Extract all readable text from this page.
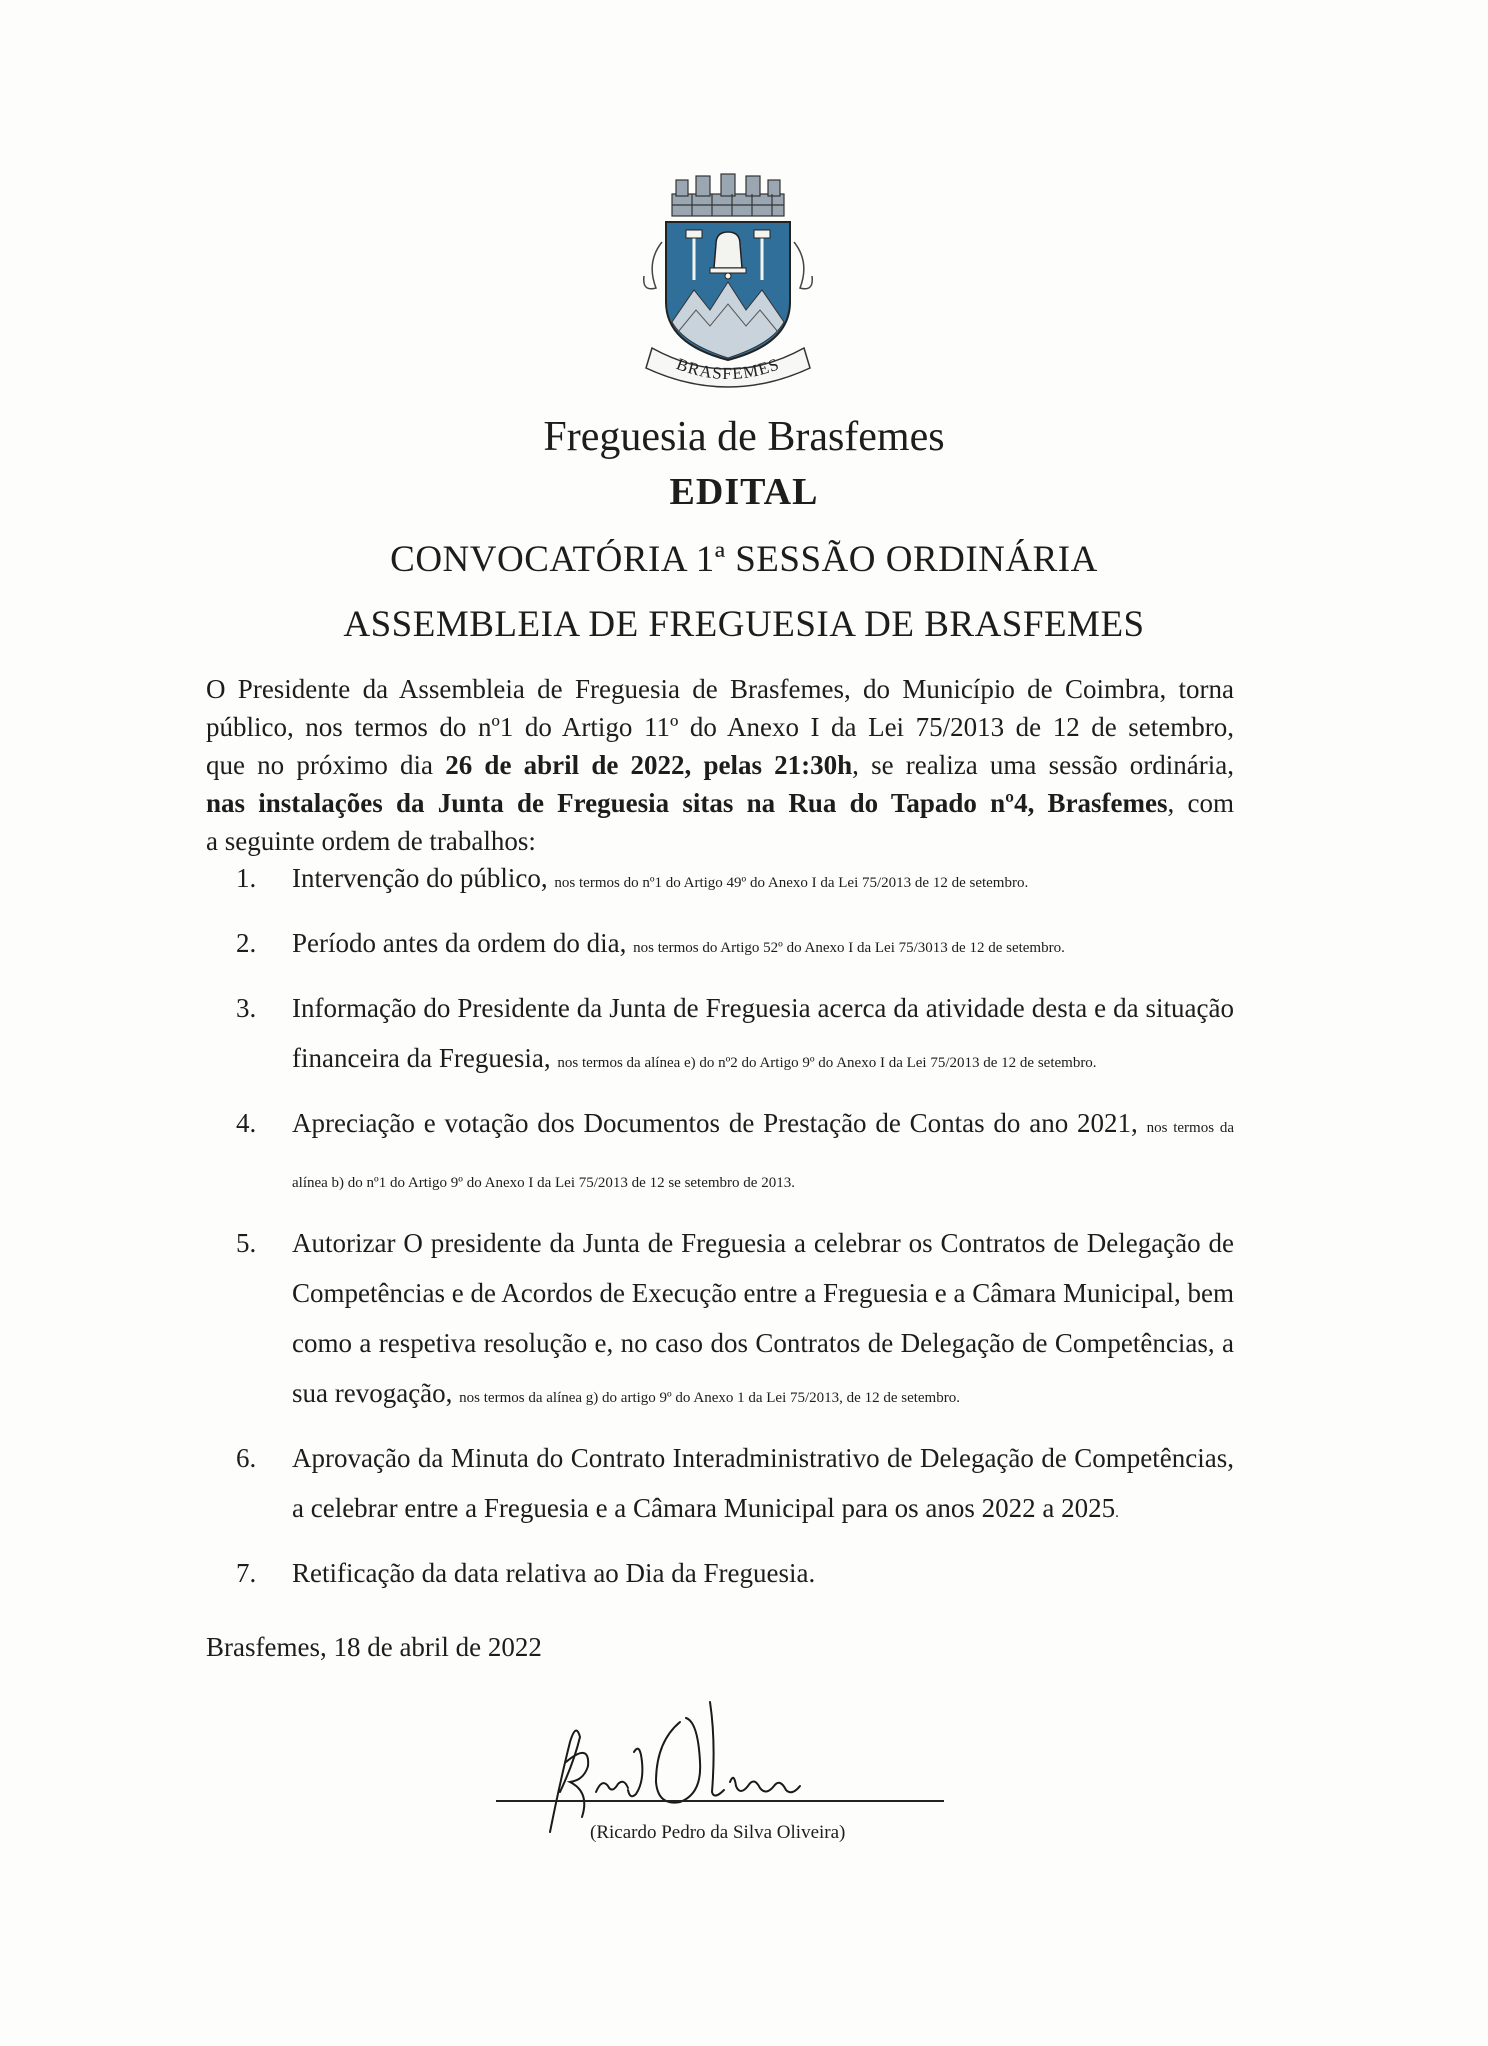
BRASFEMES
Freguesia de Brasfemes
EDITAL
CONVOCATÓRIA 1ª SESSÃO ORDINÁRIA
ASSEMBLEIA DE FREGUESIA DE BRASFEMES
O Presidente da Assembleia de Freguesia de Brasfemes, do Município de Coimbra, torna
público, nos termos do nº1 do Artigo 11º do Anexo I da Lei 75/2013 de 12 de setembro,
que no próximo dia 26 de abril de 2022, pelas 21:30h, se realiza uma sessão ordinária,
nas instalações da Junta de Freguesia sitas na Rua do Tapado nº4, Brasfemes, com
a seguinte ordem de trabalhos:
1. Intervenção do público, nos termos do nº1 do Artigo 49º do Anexo I da Lei 75/2013 de 12 de setembro.
2. Período antes da ordem do dia, nos termos do Artigo 52º do Anexo I da Lei 75/3013 de 12 de setembro.
3. Informação do Presidente da Junta de Freguesia acerca da atividade desta e da situação financeira da Freguesia, nos termos da alínea e) do nº2 do Artigo 9º do Anexo I da Lei 75/2013 de 12 de setembro.
4. Apreciação e votação dos Documentos de Prestação de Contas do ano 2021, nos termos da alínea b) do nº1 do Artigo 9º do Anexo I da Lei 75/2013 de 12 se setembro de 2013.
5. Autorizar O presidente da Junta de Freguesia a celebrar os Contratos de Delegação de Competências e de Acordos de Execução entre a Freguesia e a Câmara Municipal, bem como a respetiva resolução e, no caso dos Contratos de Delegação de Competências, a sua revogação, nos termos da alínea g) do artigo 9º do Anexo 1 da Lei 75/2013, de 12 de setembro.
6. Aprovação da Minuta do Contrato Interadministrativo de Delegação de Competências, a celebrar entre a Freguesia e a Câmara Municipal para os anos 2022 a 2025.
7. Retificação da data relativa ao Dia da Freguesia.
Brasfemes, 18 de abril de 2022
(Ricardo Pedro da Silva Oliveira)
